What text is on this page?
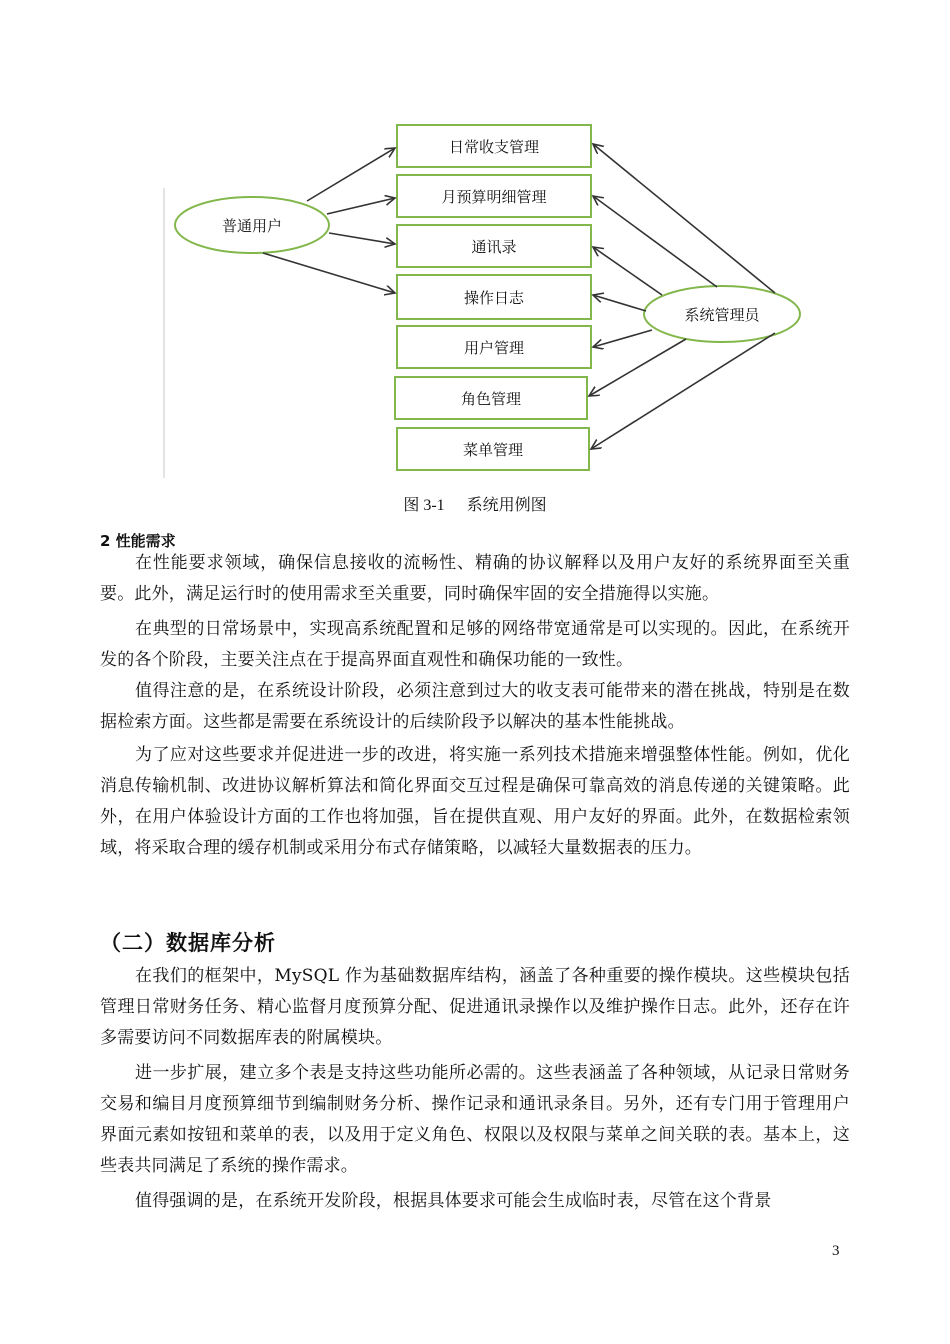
日常收支管理
月预算明细管理
通讯录
操作日志
用户管理
角色管理
菜单管理
普通用户
系统管理员
图 3-1 系统用例图
2 性能需求

在性能要求领域，确保信息接收的流畅性、精确的协议解释以及用户友好的系统界面至关重要。此外，满足运行时的使用需求至关重要，同时确保牢固的安全措施得以实施。

在典型的日常场景中，实现高系统配置和足够的网络带宽通常是可以实现的。因此，在系统开发的各个阶段，主要关注点在于提高界面直观性和确保功能的一致性。

值得注意的是，在系统设计阶段，必须注意到过大的收支表可能带来的潜在挑战，特别是在数据检索方面。这些都是需要在系统设计的后续阶段予以解决的基本性能挑战。

为了应对这些要求并促进进一步的改进，将实施一系列技术措施来增强整体性能。例如，优化消息传输机制、改进协议解析算法和简化界面交互过程是确保可靠高效的消息传递的关键策略。此外，在用户体验设计方面的工作也将加强，旨在提供直观、用户友好的界面。此外，在数据检索领域，将采取合理的缓存机制或采用分布式存储策略，以减轻大量数据表的压力。

（二）数据库分析

在我们的框架中，MySQL 作为基础数据库结构，涵盖了各种重要的操作模块。这些模块包括管理日常财务任务、精心监督月度预算分配、促进通讯录操作以及维护操作日志。此外，还存在许多需要访问不同数据库表的附属模块。

进一步扩展，建立多个表是支持这些功能所必需的。这些表涵盖了各种领域，从记录日常财务交易和编目月度预算细节到编制财务分析、操作记录和通讯录条目。另外，还有专门用于管理用户界面元素如按钮和菜单的表，以及用于定义角色、权限以及权限与菜单之间关联的表。基本上，这些表共同满足了系统的操作需求。

值得强调的是，在系统开发阶段，根据具体要求可能会生成临时表，尽管在这个背景

3
